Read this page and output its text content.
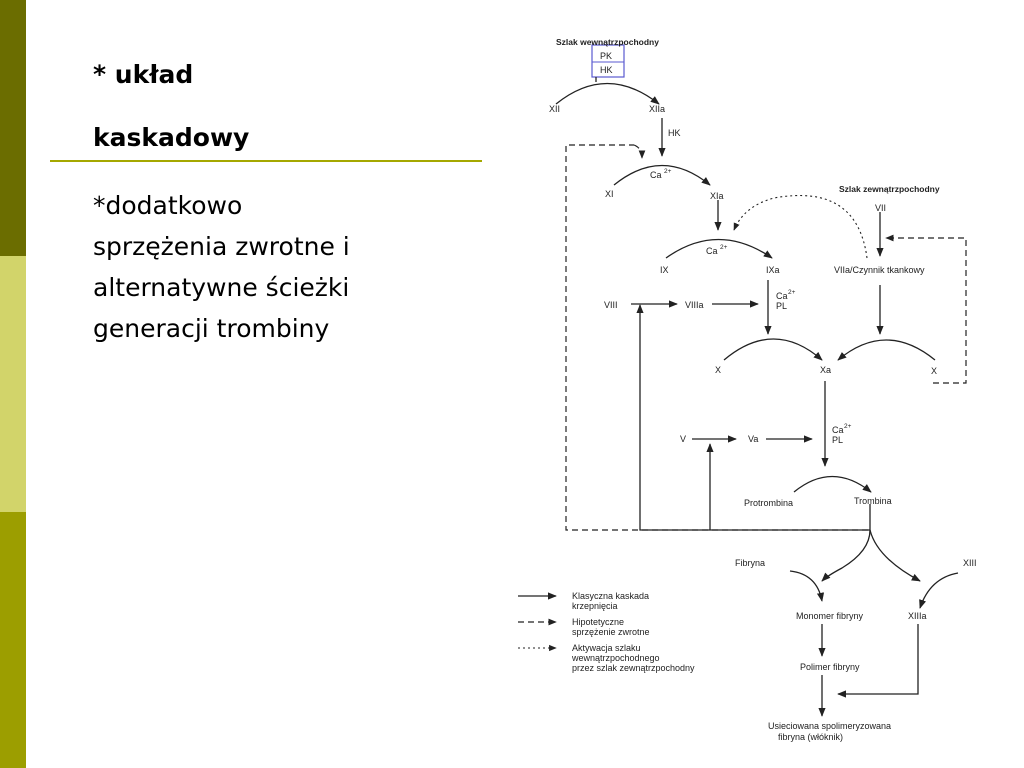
* układ
kaskadowy
*dodatkowo
sprzężenia zwrotne i
alternatywne ścieżki
generacji trombiny
Szlak wewnątrzpochodny
Szlak zewnątrzpochodny
PK
HK
XII	XIIa
HK
Ca 2+
XI	XIa
VII
Ca 2+
IX	IXa	VIIa/Czynnik tkankowy
VIII	VIIIa
Ca 2+
PL
X	Xa	X
V	Va
Ca 2+
PL
Protrombina	Trombina
Fibryna	XIII
Monomer fibryny	XIIIa
Polimer fibryny
Usieciowana spolimeryzowana
fibryna (włóknik)
Klasyczna kaskada
krzepnięcia
Hipotetyczne
sprzężenie zwrotne
Aktywacja szlaku
wewnątrzpochodnego
przez szlak zewnątrzpochodny
